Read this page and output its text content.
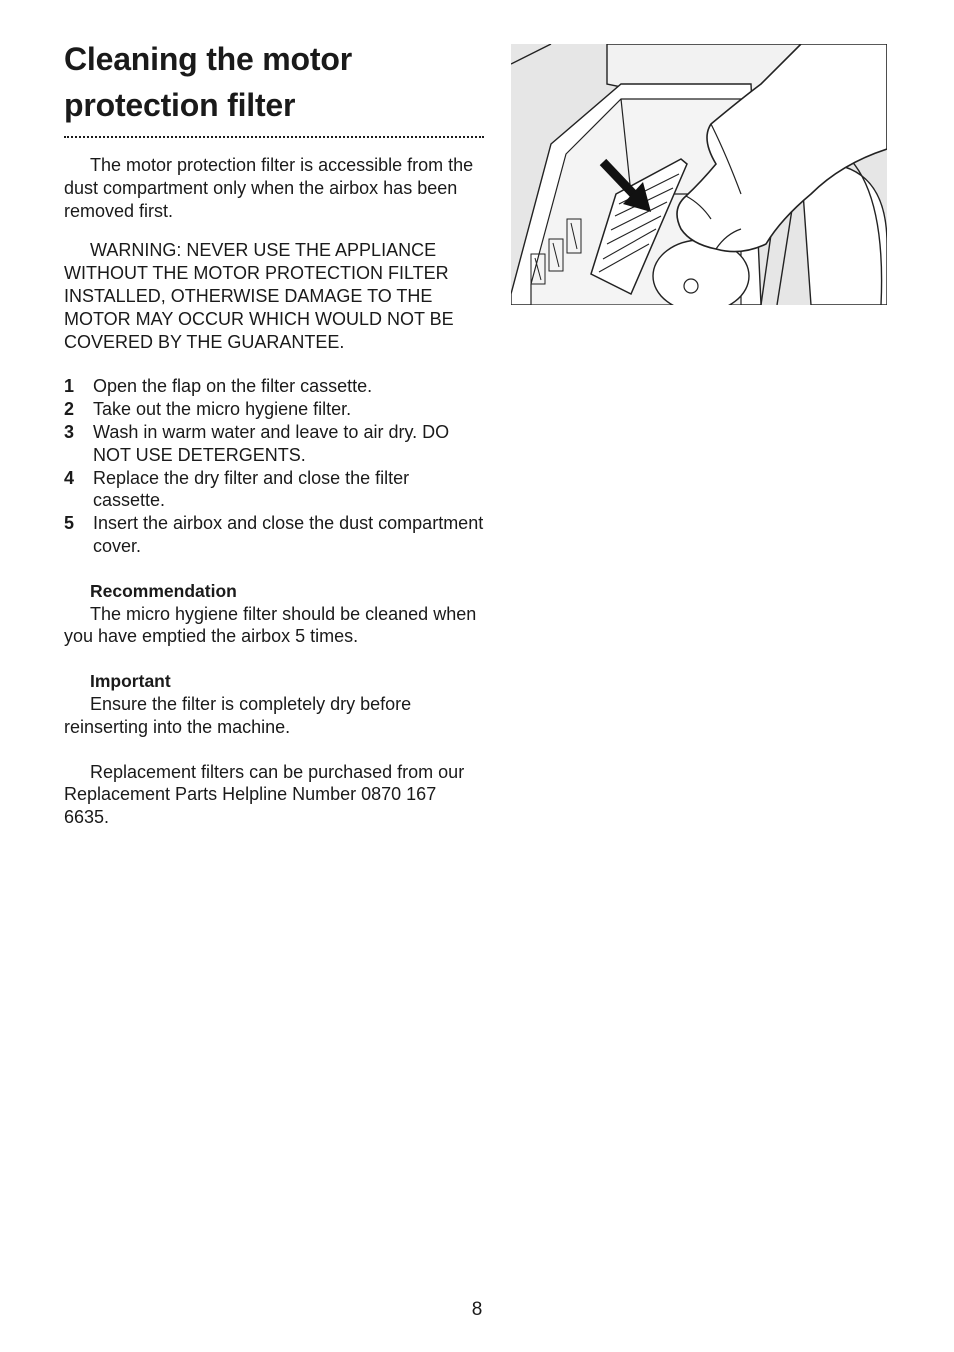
Cleaning the motor
protection filter

The motor protection filter is accessible from the dust compartment only when the airbox has been removed first.

WARNING: NEVER USE THE APPLIANCE WITHOUT THE MOTOR PROTECTION FILTER INSTALLED, OTHERWISE DAMAGE TO THE MOTOR MAY OCCUR WHICH WOULD NOT BE COVERED BY THE GUARANTEE.

1 Open the flap on the filter cassette.
2 Take out the micro hygiene filter.
3 Wash in warm water and leave to air dry. DO NOT USE DETERGENTS.
4 Replace the dry filter and close the filter cassette.
5 Insert the airbox and close the dust compartment cover.

Recommendation

The micro hygiene filter should be cleaned when you have emptied the airbox 5 times.

Important

Ensure the filter is completely dry before reinserting into the machine.

Replacement filters can be purchased from our Replacement Parts Helpline Number 0870 167 6635.

8
